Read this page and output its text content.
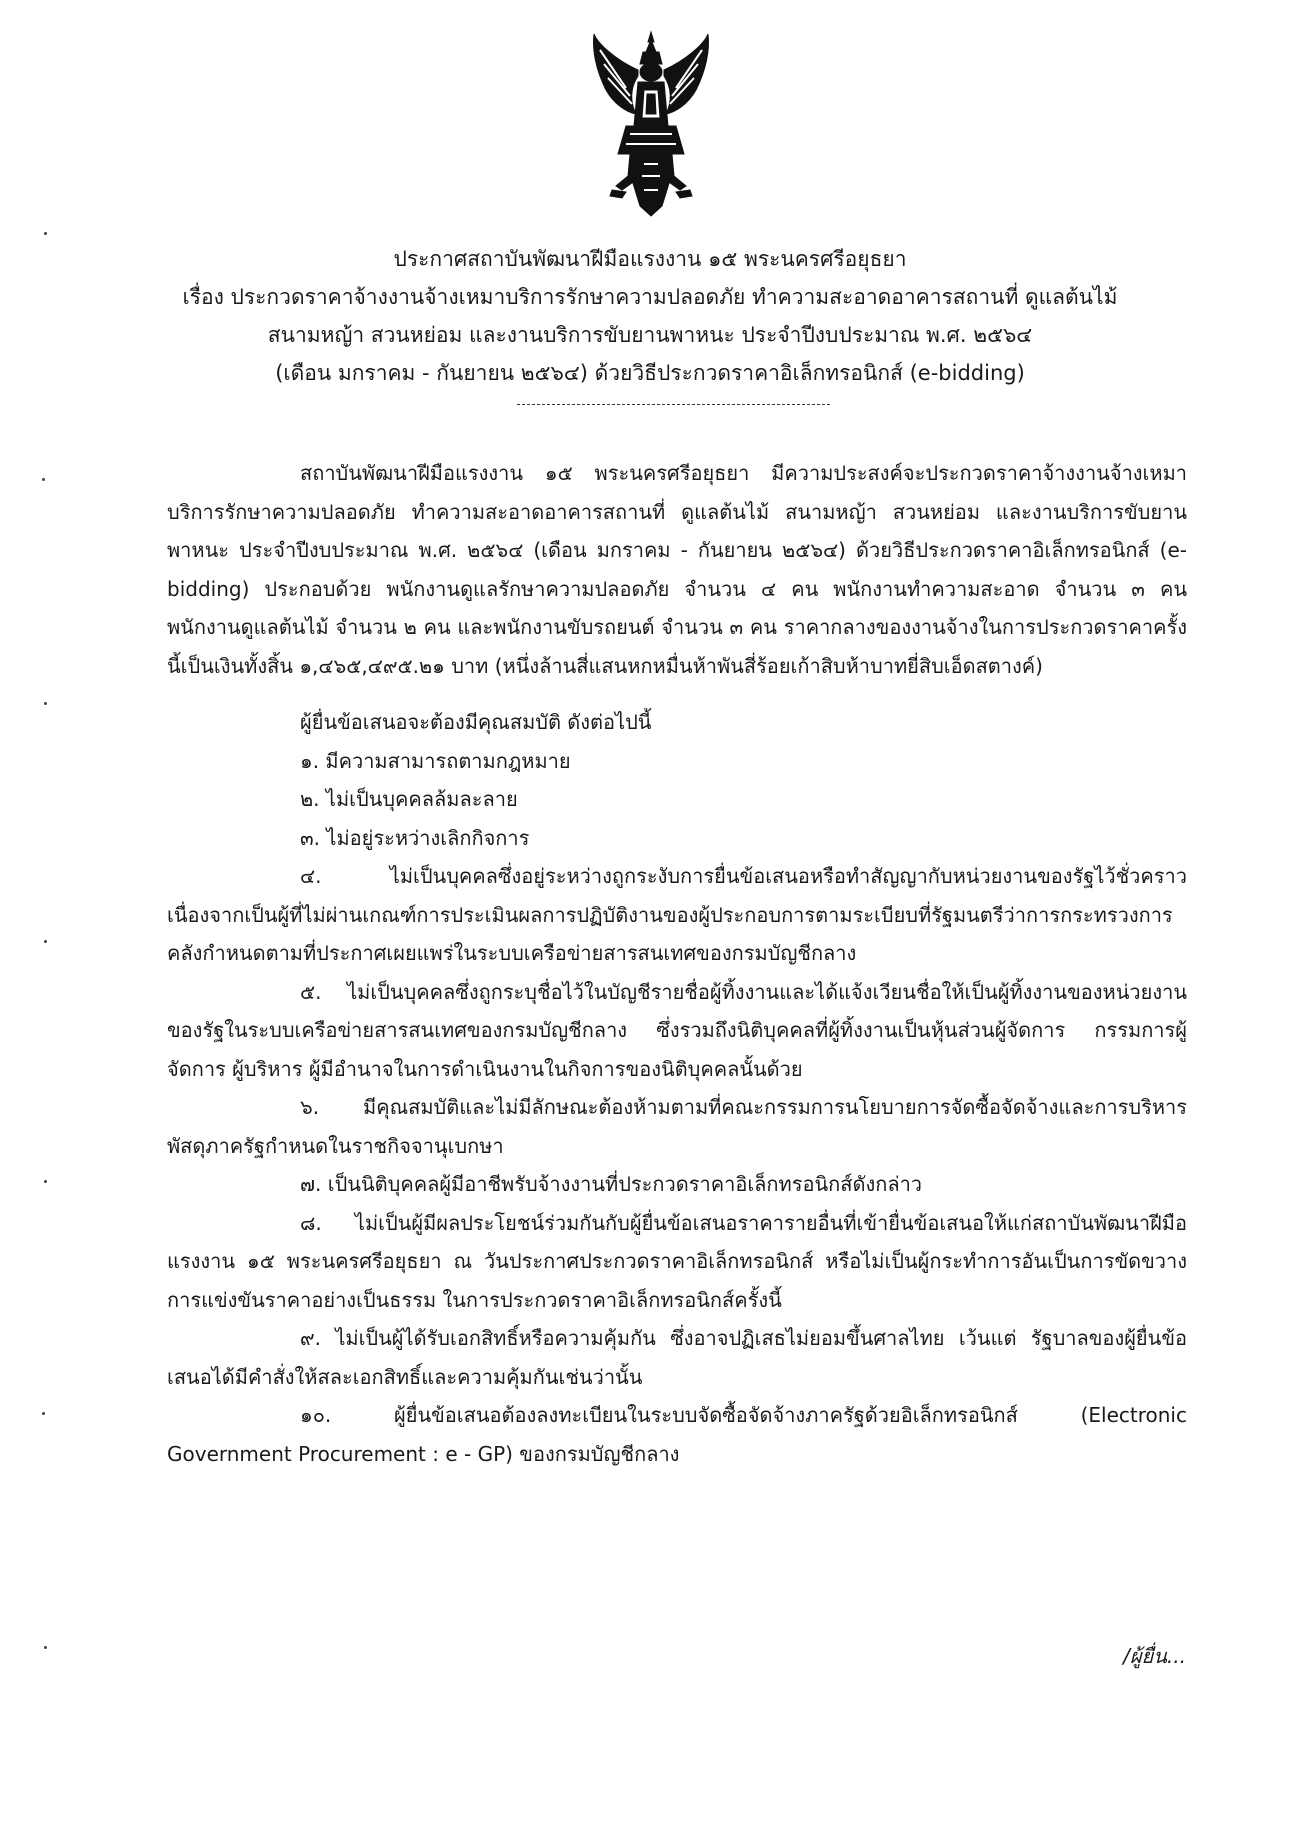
ประกาศสถาบันพัฒนาฝีมือแรงงาน ๑๕ พระนครศรีอยุธยา
เรื่อง ประกวดราคาจ้างงานจ้างเหมาบริการรักษาความปลอดภัย ทำความสะอาดอาคารสถานที่ ดูแลต้นไม้
สนามหญ้า สวนหย่อม และงานบริการขับยานพาหนะ ประจำปีงบประมาณ พ.ศ. ๒๕๖๔
(เดือน มกราคม - กันยายน ๒๕๖๔) ด้วยวิธีประกวดราคาอิเล็กทรอนิกส์ (e-bidding)

สถาบันพัฒนาฝีมือแรงงาน ๑๕ พระนครศรีอยุธยา มีความประสงค์จะประกวดราคาจ้างงานจ้างเหมาบริการรักษาความปลอดภัย ทำความสะอาดอาคารสถานที่ ดูแลต้นไม้ สนามหญ้า สวนหย่อม และงานบริการขับยานพาหนะ ประจำปีงบประมาณ พ.ศ. ๒๕๖๔ (เดือน มกราคม - กันยายน ๒๕๖๔) ด้วยวิธีประกวดราคาอิเล็กทรอนิกส์ (e-bidding) ประกอบด้วย พนักงานดูแลรักษาความปลอดภัย จำนวน ๔ คน พนักงานทำความสะอาด จำนวน ๓ คน พนักงานดูแลต้นไม้ จำนวน ๒ คน และพนักงานขับรถยนต์ จำนวน ๓ คน ราคากลางของงานจ้างในการประกวดราคาครั้งนี้เป็นเงินทั้งสิ้น ๑,๔๖๕,๔๙๕.๒๑ บาท (หนึ่งล้านสี่แสนหกหมื่นห้าพันสี่ร้อยเก้าสิบห้าบาทยี่สิบเอ็ดสตางค์)

ผู้ยื่นข้อเสนอจะต้องมีคุณสมบัติ ดังต่อไปนี้

๑. มีความสามารถตามกฎหมาย

๒. ไม่เป็นบุคคลล้มละลาย

๓. ไม่อยู่ระหว่างเลิกกิจการ

๔. ไม่เป็นบุคคลซึ่งอยู่ระหว่างถูกระงับการยื่นข้อเสนอหรือทำสัญญากับหน่วยงานของรัฐไว้ชั่วคราวเนื่องจากเป็นผู้ที่ไม่ผ่านเกณฑ์การประเมินผลการปฏิบัติงานของผู้ประกอบการตามระเบียบที่รัฐมนตรีว่าการกระทรวงการคลังกำหนดตามที่ประกาศเผยแพร่ในระบบเครือข่ายสารสนเทศของกรมบัญชีกลาง

๕. ไม่เป็นบุคคลซึ่งถูกระบุชื่อไว้ในบัญชีรายชื่อผู้ทิ้งงานและได้แจ้งเวียนชื่อให้เป็นผู้ทิ้งงานของหน่วยงานของรัฐในระบบเครือข่ายสารสนเทศของกรมบัญชีกลาง ซึ่งรวมถึงนิติบุคคลที่ผู้ทิ้งงานเป็นหุ้นส่วนผู้จัดการ กรรมการผู้จัดการ ผู้บริหาร ผู้มีอำนาจในการดำเนินงานในกิจการของนิติบุคคลนั้นด้วย

๖. มีคุณสมบัติและไม่มีลักษณะต้องห้ามตามที่คณะกรรมการนโยบายการจัดซื้อจัดจ้างและการบริหารพัสดุภาครัฐกำหนดในราชกิจจานุเบกษา

๗. เป็นนิติบุคคลผู้มีอาชีพรับจ้างงานที่ประกวดราคาอิเล็กทรอนิกส์ดังกล่าว

๘. ไม่เป็นผู้มีผลประโยชน์ร่วมกันกับผู้ยื่นข้อเสนอราคารายอื่นที่เข้ายื่นข้อเสนอให้แก่สถาบันพัฒนาฝีมือแรงงาน ๑๕ พระนครศรีอยุธยา ณ วันประกาศประกวดราคาอิเล็กทรอนิกส์ หรือไม่เป็นผู้กระทำการอันเป็นการขัดขวางการแข่งขันราคาอย่างเป็นธรรม ในการประกวดราคาอิเล็กทรอนิกส์ครั้งนี้

๙. ไม่เป็นผู้ได้รับเอกสิทธิ์หรือความคุ้มกัน ซึ่งอาจปฏิเสธไม่ยอมขึ้นศาลไทย เว้นแต่ รัฐบาลของผู้ยื่นข้อเสนอได้มีคำสั่งให้สละเอกสิทธิ์และความคุ้มกันเช่นว่านั้น

๑๐. ผู้ยื่นข้อเสนอต้องลงทะเบียนในระบบจัดซื้อจัดจ้างภาครัฐด้วยอิเล็กทรอนิกส์ (Electronic Government Procurement : e - GP) ของกรมบัญชีกลาง

/ผู้ยื่น...
